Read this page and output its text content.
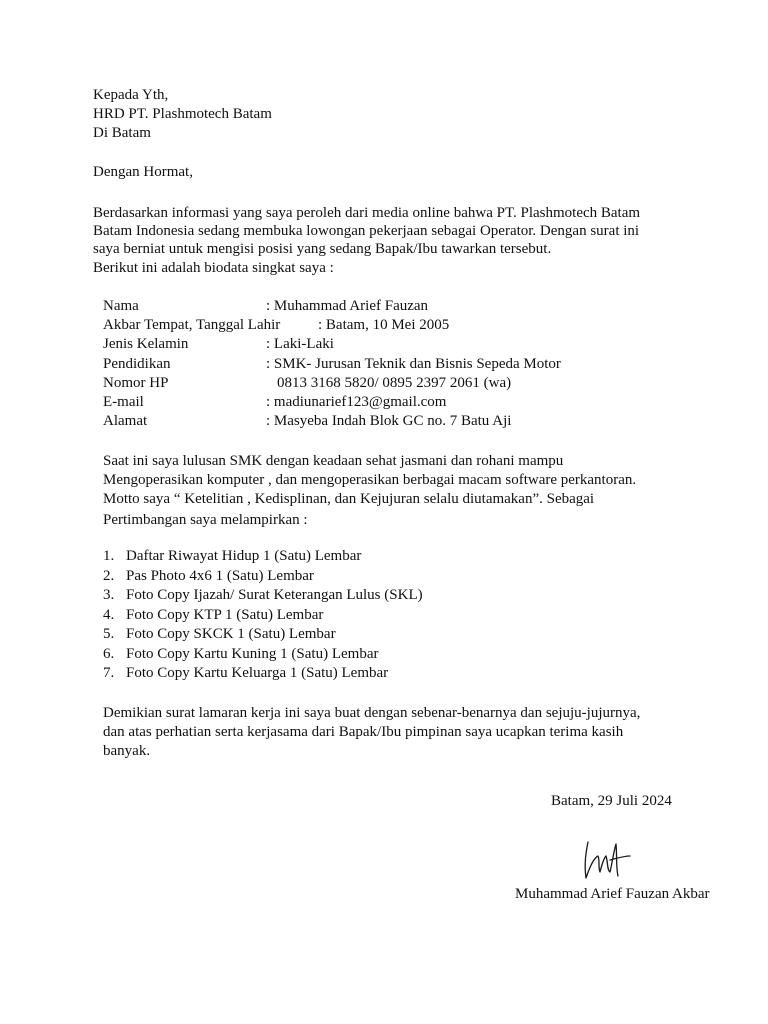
Kepada Yth,
HRD PT. Plashmotech Batam
Di Batam
Dengan Hormat,
Berdasarkan informasi yang saya peroleh dari media online bahwa PT. Plashmotech Batam
Batam Indonesia sedang membuka lowongan pekerjaan sebagai Operator. Dengan surat ini
saya berniat untuk mengisi posisi yang sedang Bapak/Ibu tawarkan tersebut.
Berikut ini adalah biodata singkat saya :
Nama	: Muhammad Arief Fauzan
Akbar Tempat, Tanggal Lahir	: Batam, 10 Mei 2005
Jenis Kelamin	: Laki-Laki
Pendidikan	: SMK- Jurusan Teknik dan Bisnis Sepeda Motor
Nomor HP	0813 3168 5820/ 0895 2397 2061 (wa)
E-mail	: madiunarief123@gmail.com
Alamat	: Masyeba Indah Blok GC no. 7 Batu Aji
Saat ini saya lulusan SMK dengan keadaan sehat jasmani dan rohani mampu
Mengoperasikan komputer , dan mengoperasikan berbagai macam software perkantoran.
Motto saya “ Ketelitian , Kedisplinan, dan Kejujuran selalu diutamakan”. Sebagai
Pertimbangan saya melampirkan :
1. Daftar Riwayat Hidup 1 (Satu) Lembar
2. Pas Photo 4x6 1 (Satu) Lembar
3. Foto Copy Ijazah/ Surat Keterangan Lulus (SKL)
4. Foto Copy KTP 1 (Satu) Lembar
5. Foto Copy SKCK 1 (Satu) Lembar
6. Foto Copy Kartu Kuning 1 (Satu) Lembar
7. Foto Copy Kartu Keluarga 1 (Satu) Lembar
Demikian surat lamaran kerja ini saya buat dengan sebenar-benarnya dan sejuju-jujurnya,
dan atas perhatian serta kerjasama dari Bapak/Ibu pimpinan saya ucapkan terima kasih
banyak.
Batam, 29 Juli 2024
Muhammad Arief Fauzan Akbar
